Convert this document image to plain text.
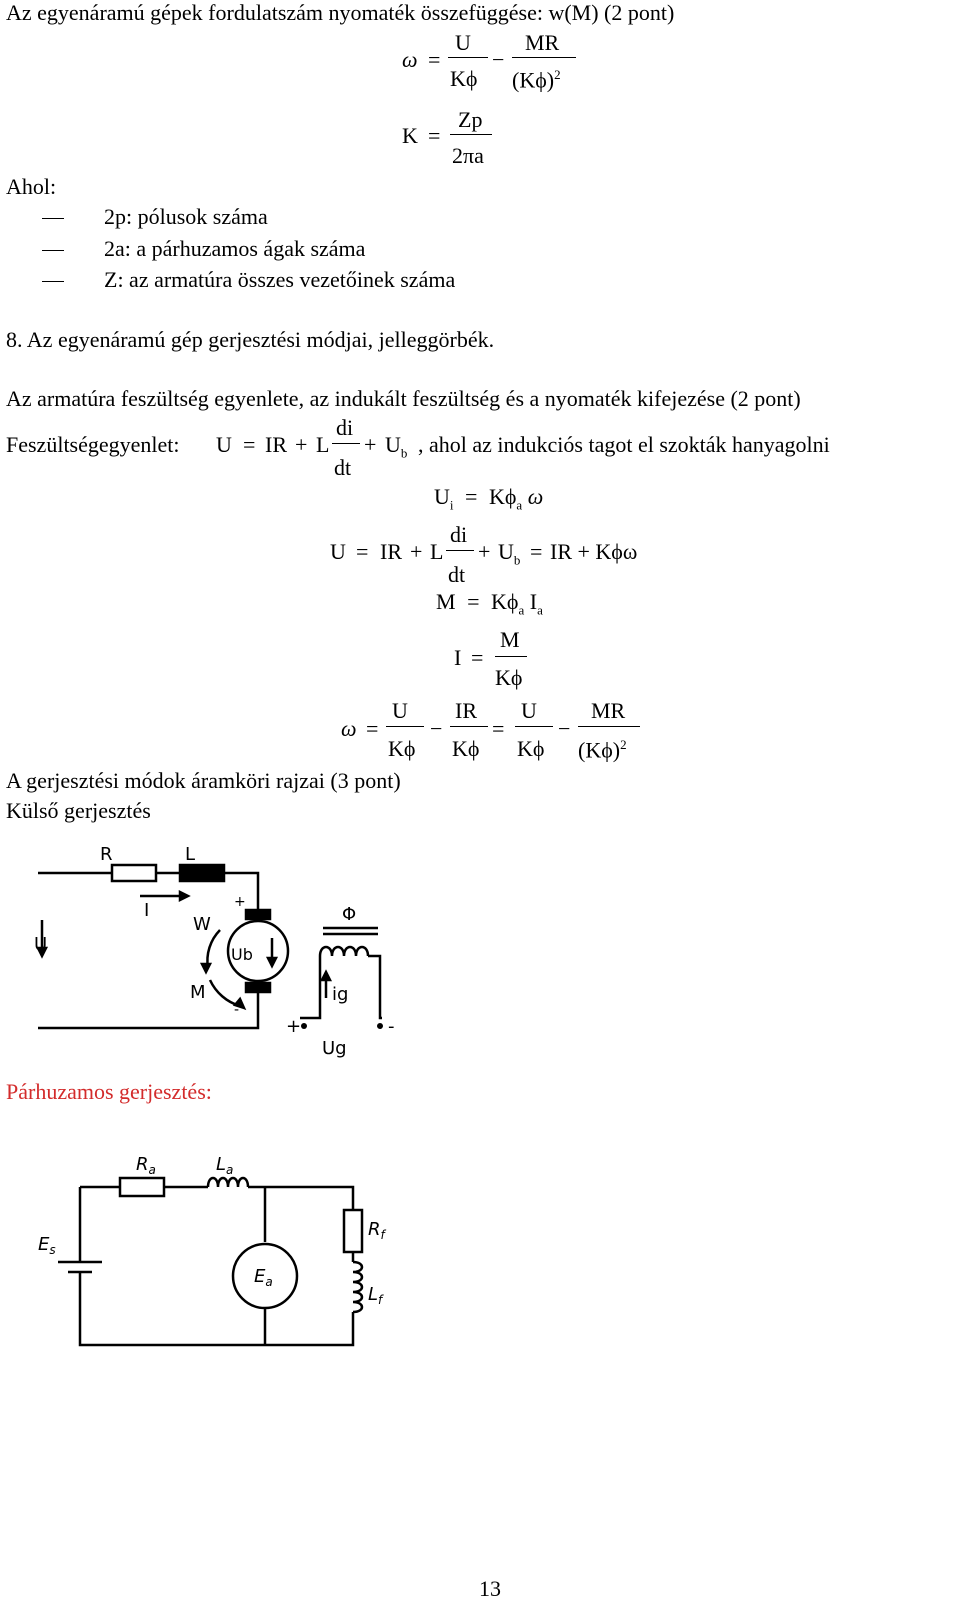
Az egyenáramú gépek fordulatszám nyomaték összefüggése: w(M) (2 pont)
ω =
U
Kϕ
−
MR
$(K\phi)^2$
K =
Zp
2πa
Ahol:
2p: pólusok száma
2a: a párhuzamos ágak száma
Z: az armatúra összes vezetőinek száma
8. Az egyenáramú gép gerjesztési módjai, jelleggörbék.
Az armatúra feszültség egyenlete, az indukált feszültség és a nyomaték kifejezése (2 pont)
Feszültségegyenlet: U = IR + L
di
dt
+ $U_b$ , ahol az indukciós tagot el szokták hanyagolni
$U_i = K\phi_a$ ω
U = IR + L
di
dt
+ $U_b$ = IR + Kϕω
$M = K\phi_a$ $I_a$
I =
M
Kϕ
ω =
U
Kϕ
−
IR
Kϕ
=
U
Kϕ
−
MR
$(K\phi)^2$
A gerjesztési módok áramköri rajzai (3 pont)
Külső gerjesztés
R	L
I
U
W
Ub
M
Φ
ig
Ug
+	-
+
-
Párhuzamos gerjesztés:
$R_a$	$L_a$
$E_s$
$E_a$
$R_f$
$L_f$
13
